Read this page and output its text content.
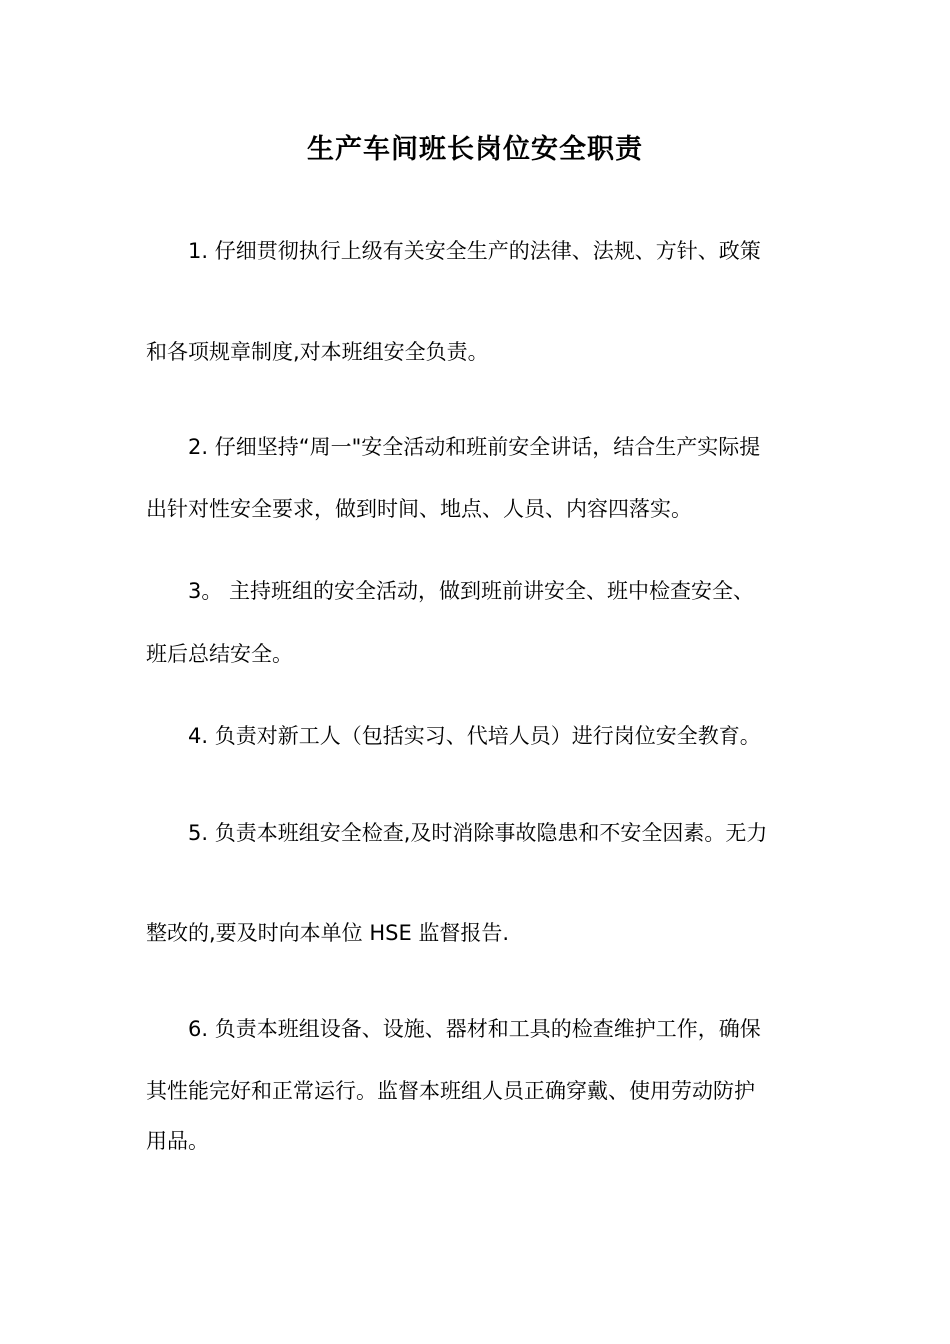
生产车间班长岗位安全职责
1. 仔细贯彻执行上级有关安全生产的法律、法规、方针、政策
和各项规章制度,对本班组安全负责。
2. 仔细坚持“周一"安全活动和班前安全讲话，结合生产实际提
出针对性安全要求，做到时间、地点、人员、内容四落实。
3。 主持班组的安全活动，做到班前讲安全、班中检查安全、
班后总结安全。
4. 负责对新工人（包括实习、代培人员）进行岗位安全教育。
5. 负责本班组安全检查,及时消除事故隐患和不安全因素。无力
整改的,要及时向本单位 HSE 监督报告.
6. 负责本班组设备、设施、器材和工具的检查维护工作，确保
其性能完好和正常运行。监督本班组人员正确穿戴、使用劳动防护
用品。
